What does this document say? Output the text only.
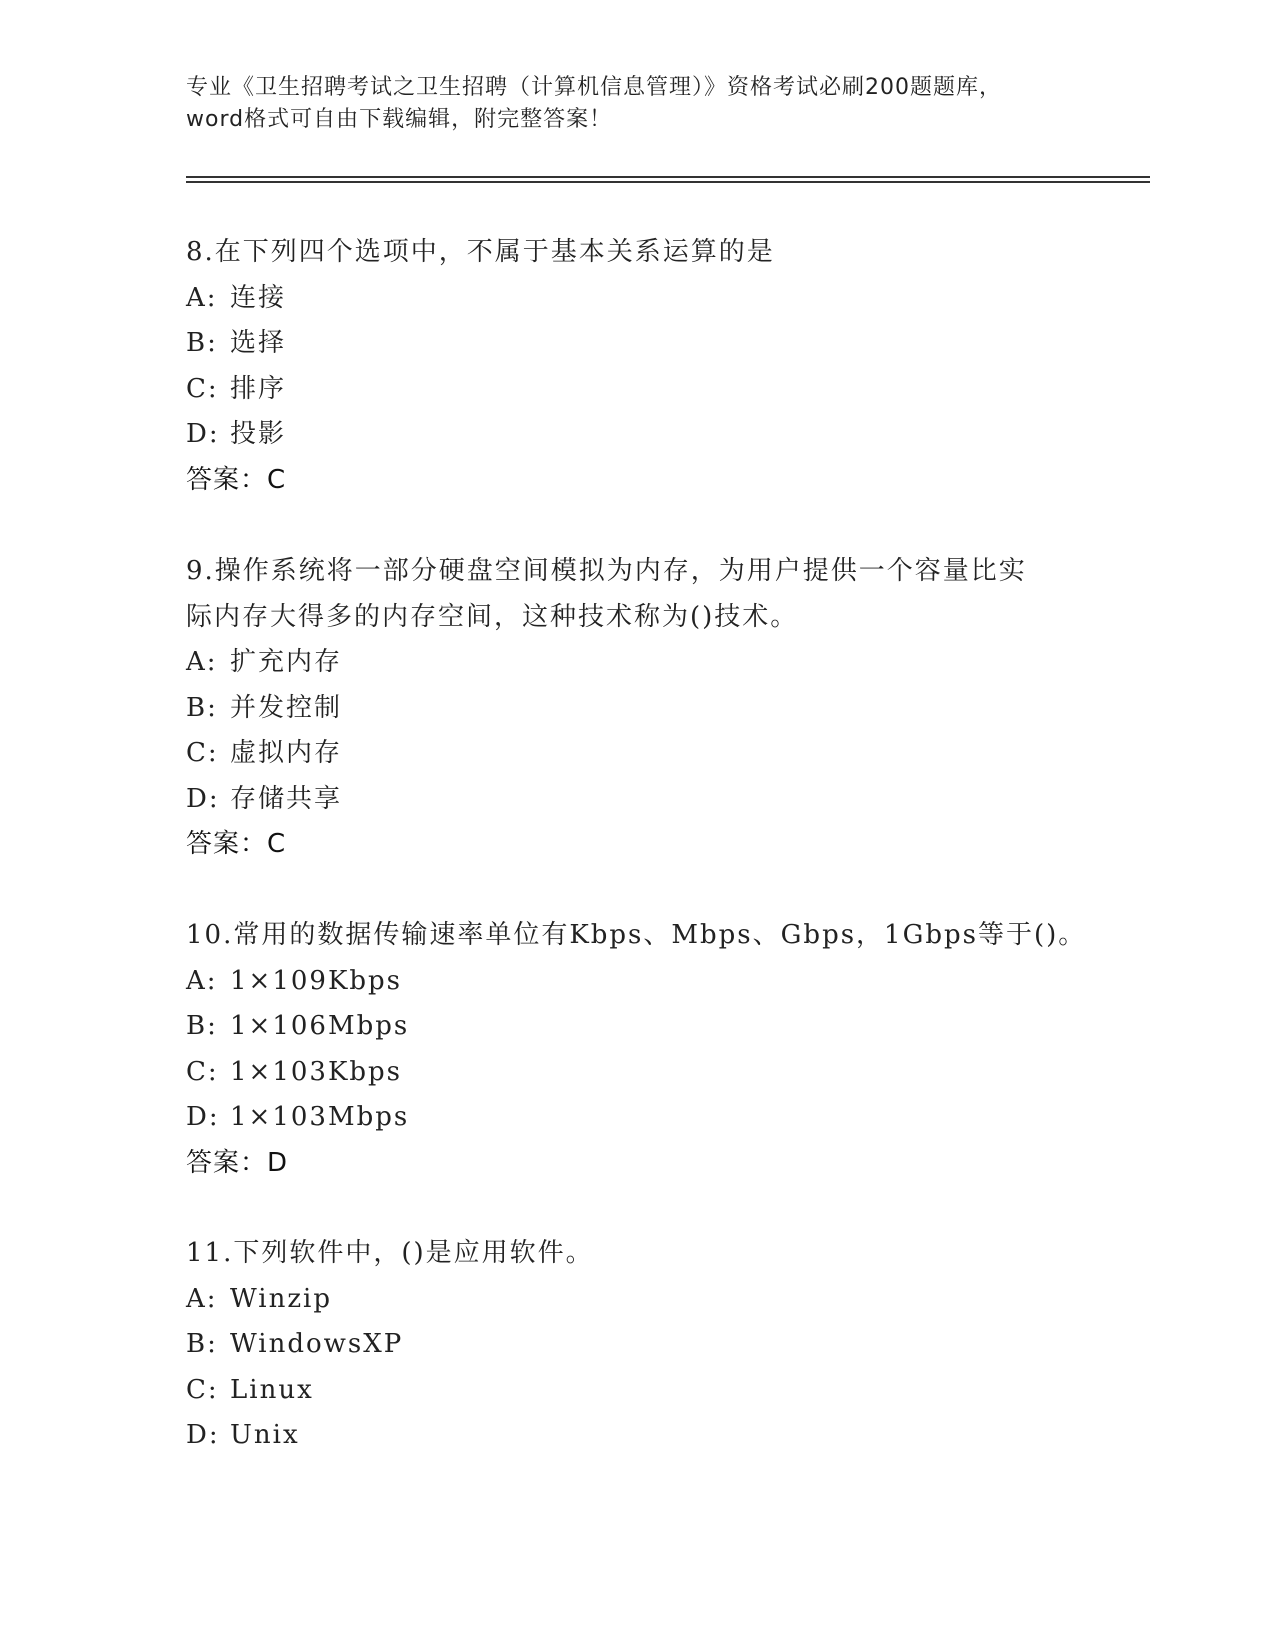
专业《卫生招聘考试之卫生招聘（计算机信息管理）》资格考试必刷200题题库，
word格式可自由下载编辑，附完整答案！
8.在下列四个选项中，不属于基本关系运算的是
A: 连接
B: 选择
C: 排序
D: 投影
答案：C
9.操作系统将一部分硬盘空间模拟为内存，为用户提供一个容量比实
际内存大得多的内存空间，这种技术称为()技术。
A: 扩充内存
B: 并发控制
C: 虚拟内存
D: 存储共享
答案：C
10.常用的数据传输速率单位有Kbps、Mbps、Gbps，1Gbps等于()。
A: 1×109Kbps
B: 1×106Mbps
C: 1×103Kbps
D: 1×103Mbps
答案：D
11.下列软件中，()是应用软件。
A: Winzip
B: WindowsXP
C: Linux
D: Unix
